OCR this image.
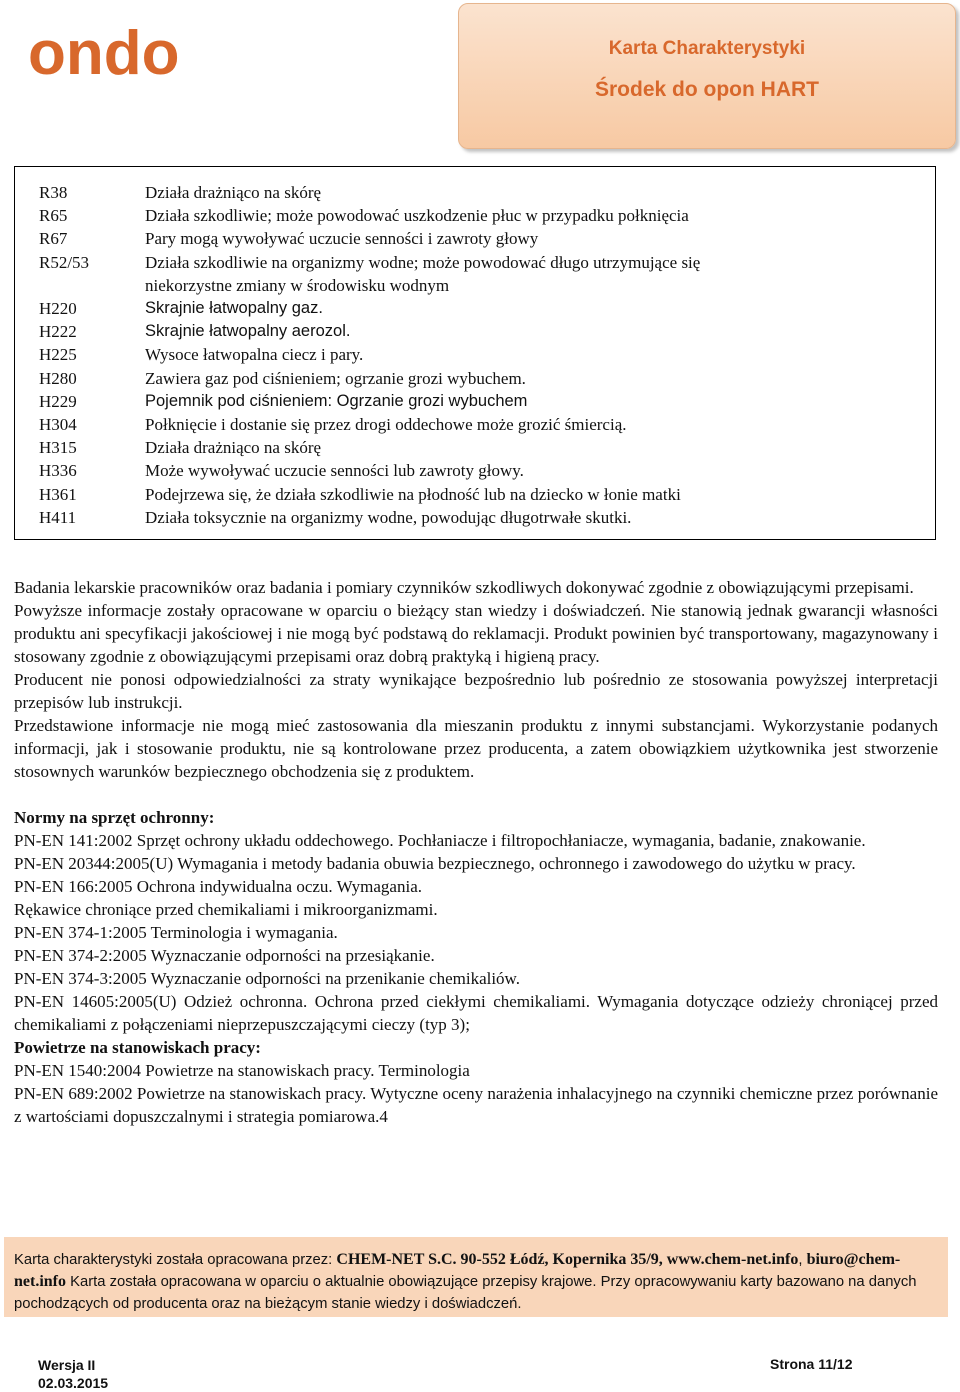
ondo	Karta Charakterystyki
Środek do opon HART
R38	Działa drażniąco na skórę
R65	Działa szkodliwie; może powodować uszkodzenie płuc w przypadku połknięcia
R67	Pary mogą wywoływać uczucie senności i zawroty głowy
R52/53	Działa szkodliwie na organizmy wodne; może powodować długo utrzymujące się
niekorzystne zmiany w środowisku wodnym
H220	Skrajnie łatwopalny gaz.
H222	Skrajnie łatwopalny aerozol.
H225	Wysoce łatwopalna ciecz i pary.
H280	Zawiera gaz pod ciśnieniem; ogrzanie grozi wybuchem.
H229	Pojemnik pod ciśnieniem: Ogrzanie grozi wybuchem
H304	Połknięcie i dostanie się przez drogi oddechowe może grozić śmiercią.
H315	Działa drażniąco na skórę
H336	Może wywoływać uczucie senności lub zawroty głowy.
H361	Podejrzewa się, że działa szkodliwie na płodność lub na dziecko w łonie matki
H411	Działa toksycznie na organizmy wodne, powodując długotrwałe skutki.

Badania lekarskie pracowników oraz badania i pomiary czynników szkodliwych dokonywać zgodnie z obowiązującymi przepisami.

Powyższe informacje zostały opracowane w oparciu o bieżący stan wiedzy i doświadczeń. Nie stanowią jednak gwarancji własności produktu ani specyfikacji jakościowej i nie mogą być podstawą do reklamacji. Produkt powinien być transportowany, magazynowany i stosowany zgodnie z obowiązującymi przepisami oraz dobrą praktyką i higieną pracy.

Producent nie ponosi odpowiedzialności za straty wynikające bezpośrednio lub pośrednio ze stosowania powyższej interpretacji przepisów lub instrukcji.

Przedstawione informacje nie mogą mieć zastosowania dla mieszanin produktu z innymi substancjami. Wykorzystanie podanych informacji, jak i stosowanie produktu, nie są kontrolowane przez producenta, a zatem obowiązkiem użytkownika jest stworzenie stosownych warunków bezpiecznego obchodzenia się z produktem.

Normy na sprzęt ochronny:

PN-EN 141:2002 Sprzęt ochrony układu oddechowego. Pochłaniacze i filtropochłaniacze, wymagania, badanie, znakowanie.

PN-EN 20344:2005(U) Wymagania i metody badania obuwia bezpiecznego, ochronnego i zawodowego do użytku w pracy.

PN-EN 166:2005 Ochrona indywidualna oczu. Wymagania.

Rękawice chroniące przed chemikaliami i mikroorganizmami.

PN-EN 374-1:2005 Terminologia i wymagania.

PN-EN 374-2:2005 Wyznaczanie odporności na przesiąkanie.

PN-EN 374-3:2005 Wyznaczanie odporności na przenikanie chemikaliów.

PN-EN 14605:2005(U) Odzież ochronna. Ochrona przed ciekłymi chemikaliami. Wymagania dotyczące odzieży chroniącej przed chemikaliami z połączeniami nieprzepuszczającymi cieczy (typ 3);

Powietrze na stanowiskach pracy:

PN-EN 1540:2004 Powietrze na stanowiskach pracy. Terminologia

PN-EN 689:2002 Powietrze na stanowiskach pracy. Wytyczne oceny narażenia inhalacyjnego na czynniki chemiczne przez porównanie z wartościami dopuszczalnymi i strategia pomiarowa.4

Karta charakterystyki została opracowana przez: CHEM-NET S.C. 90-552 Łódź, Kopernika 35/9, www.chem-net.info, biuro@chem-net.info Karta została opracowana w oparciu o aktualnie obowiązujące przepisy krajowe. Przy opracowywaniu karty bazowano na danych pochodzących od producenta oraz na bieżącym stanie wiedzy i doświadczeń.
Wersja II
02.03.2015
Strona 11/12
